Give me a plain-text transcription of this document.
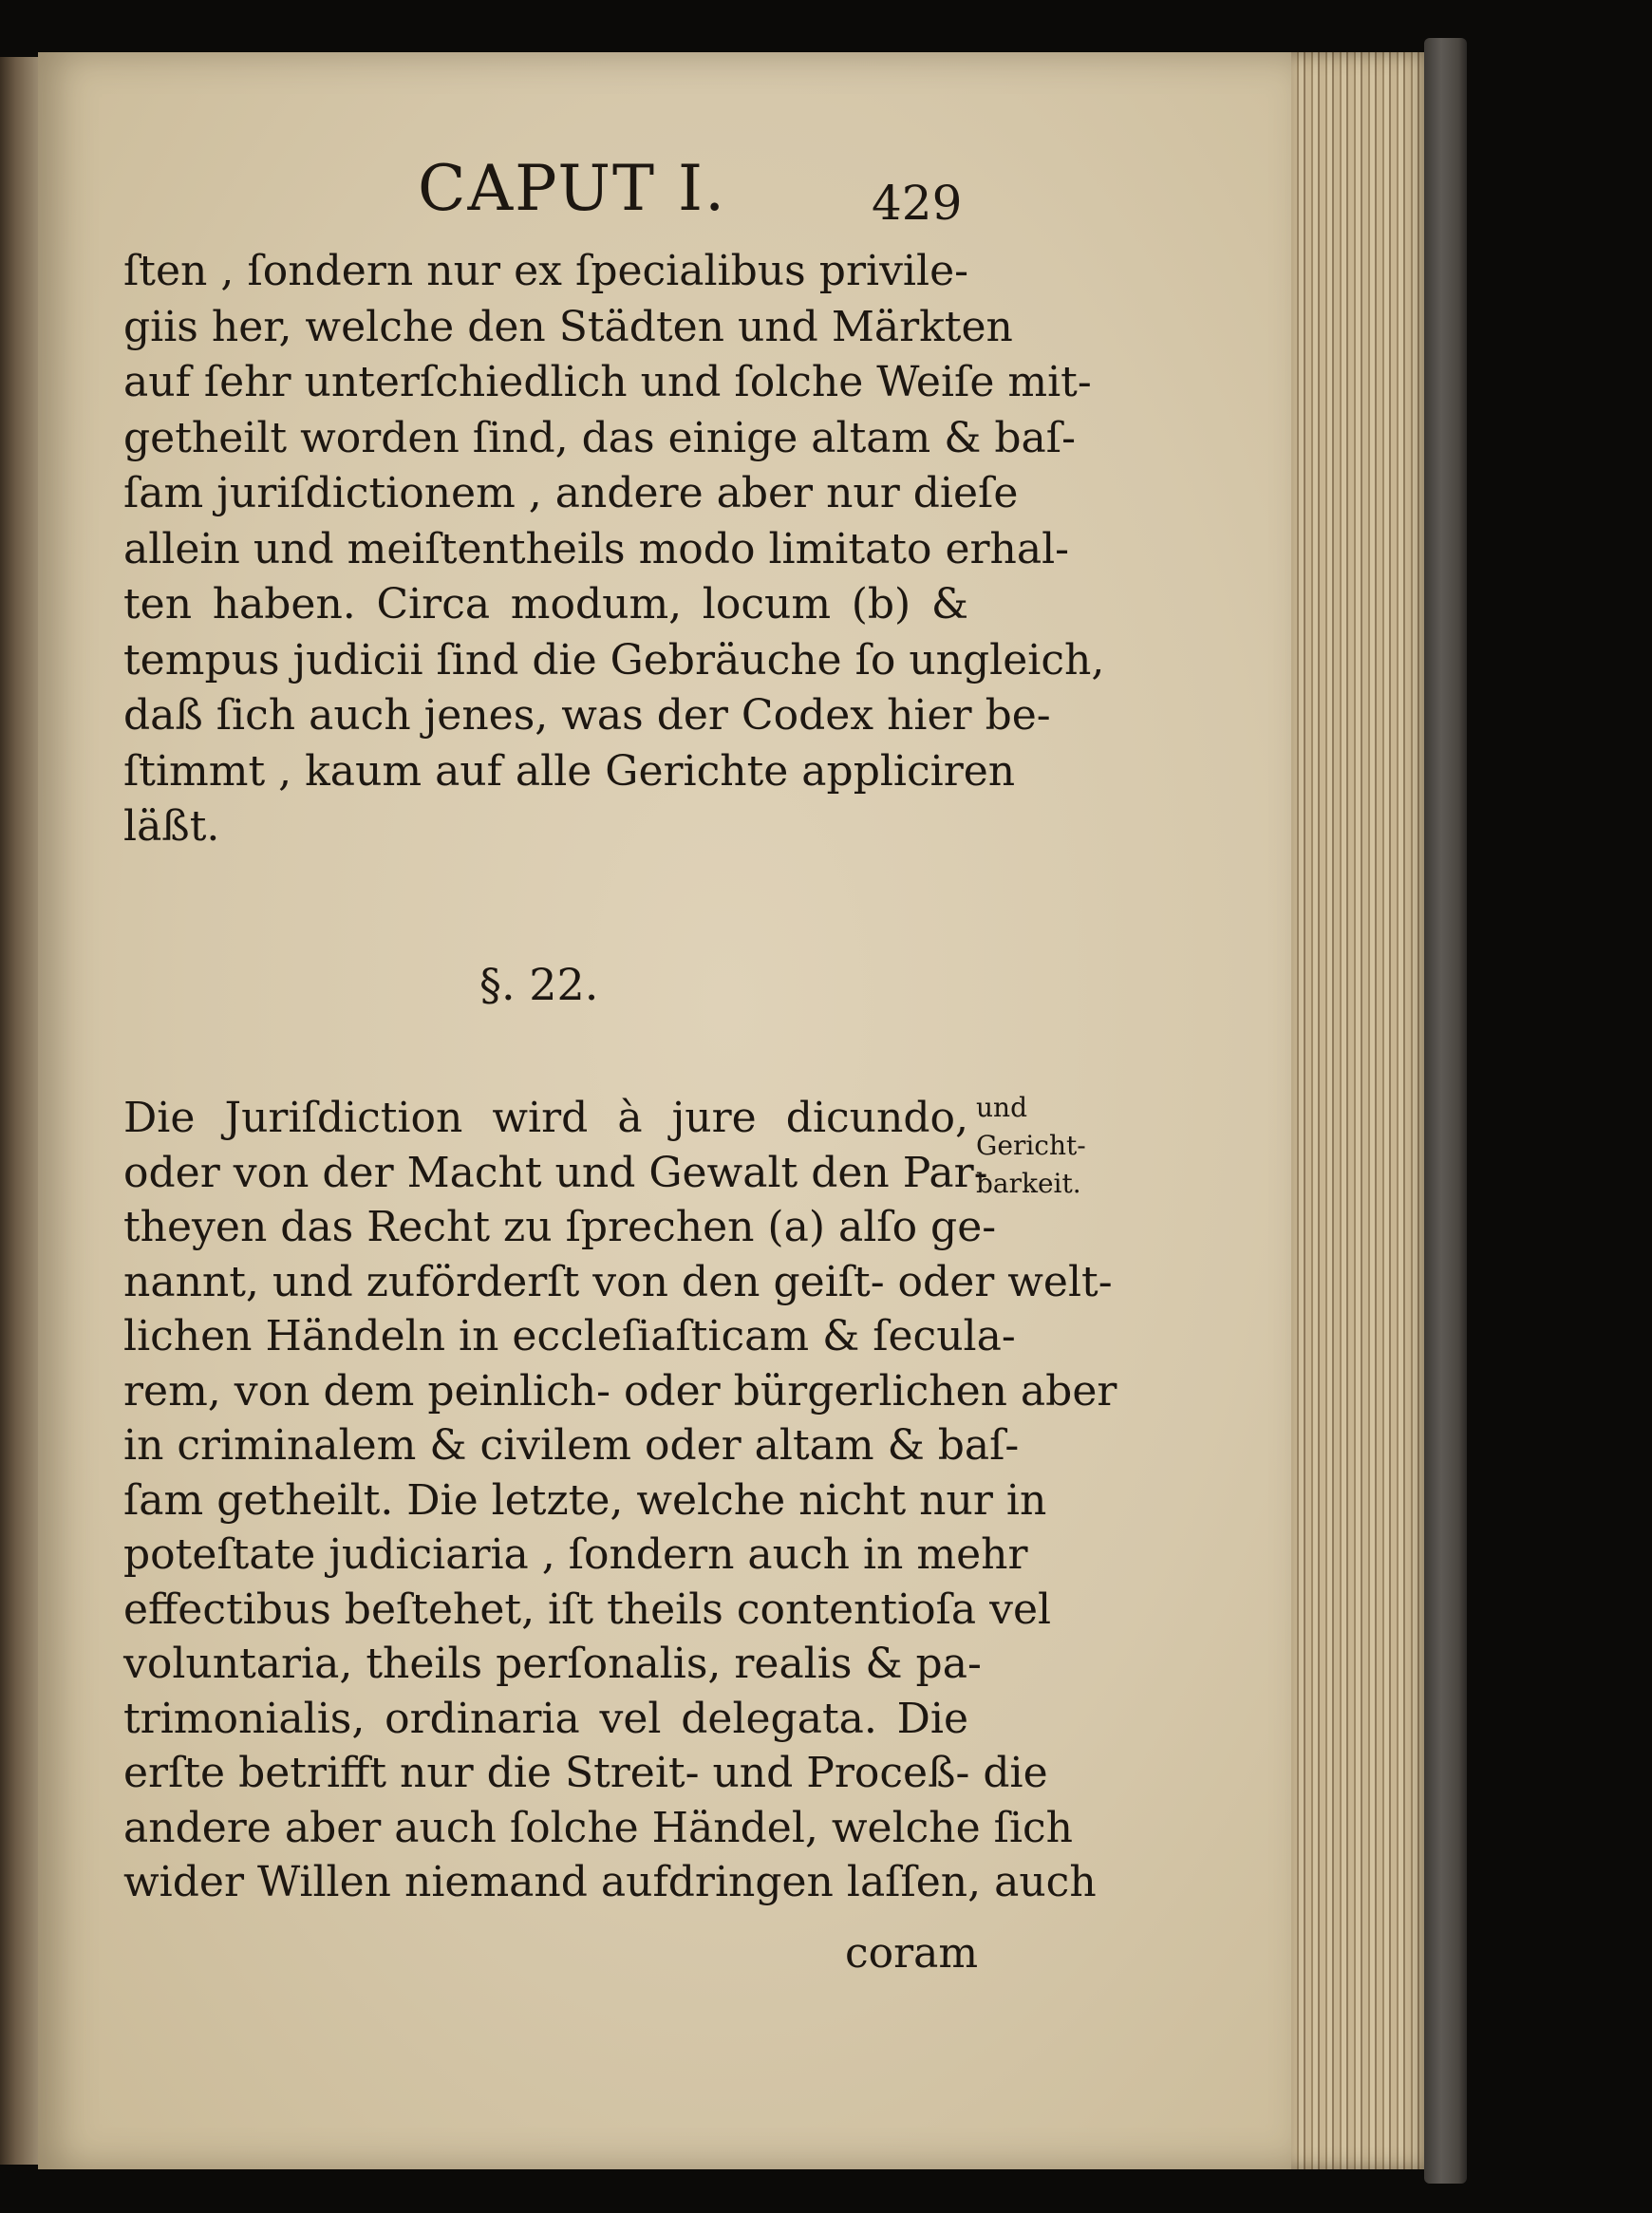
CAPUT I.	429
ſten , ſondern nur ex ſpecialibus privile-
giis her, welche den Städten und Märkten
auf ſehr unterſchiedlich und ſolche Weiſe mit-
getheilt worden ſind, das einige altam & baſ-
ſam juriſdictionem , andere aber nur dieſe
allein und meiſtentheils modo limitato erhal-
ten haben. Circa modum, locum (b) &
tempus judicii ſind die Gebräuche ſo ungleich,
daß ſich auch jenes, was der Codex hier be-
ſtimmt , kaum auf alle Gerichte appliciren
läßt.
§. 22.
Die Juriſdiction wird à jure dicundo,
oder von der Macht und Gewalt den Par-
theyen das Recht zu ſprechen (a) alſo ge-
nannt, und zuförderſt von den geiſt- oder welt-
lichen Händeln in eccleſiaſticam & ſecula-
rem, von dem peinlich- oder bürgerlichen aber
in criminalem & civilem oder altam & baſ-
ſam getheilt. Die letzte, welche nicht nur in
poteſtate judiciaria , ſondern auch in mehr
effectibus beſtehet, iſt theils contentioſa vel
voluntaria, theils perſonalis, realis & pa-
trimonialis, ordinaria vel delegata. Die
erſte betrifft nur die Streit- und Proceß- die
andere aber auch ſolche Händel, welche ſich
wider Willen niemand aufdringen laſſen, auch
und
Gericht-
barkeit.
coram
